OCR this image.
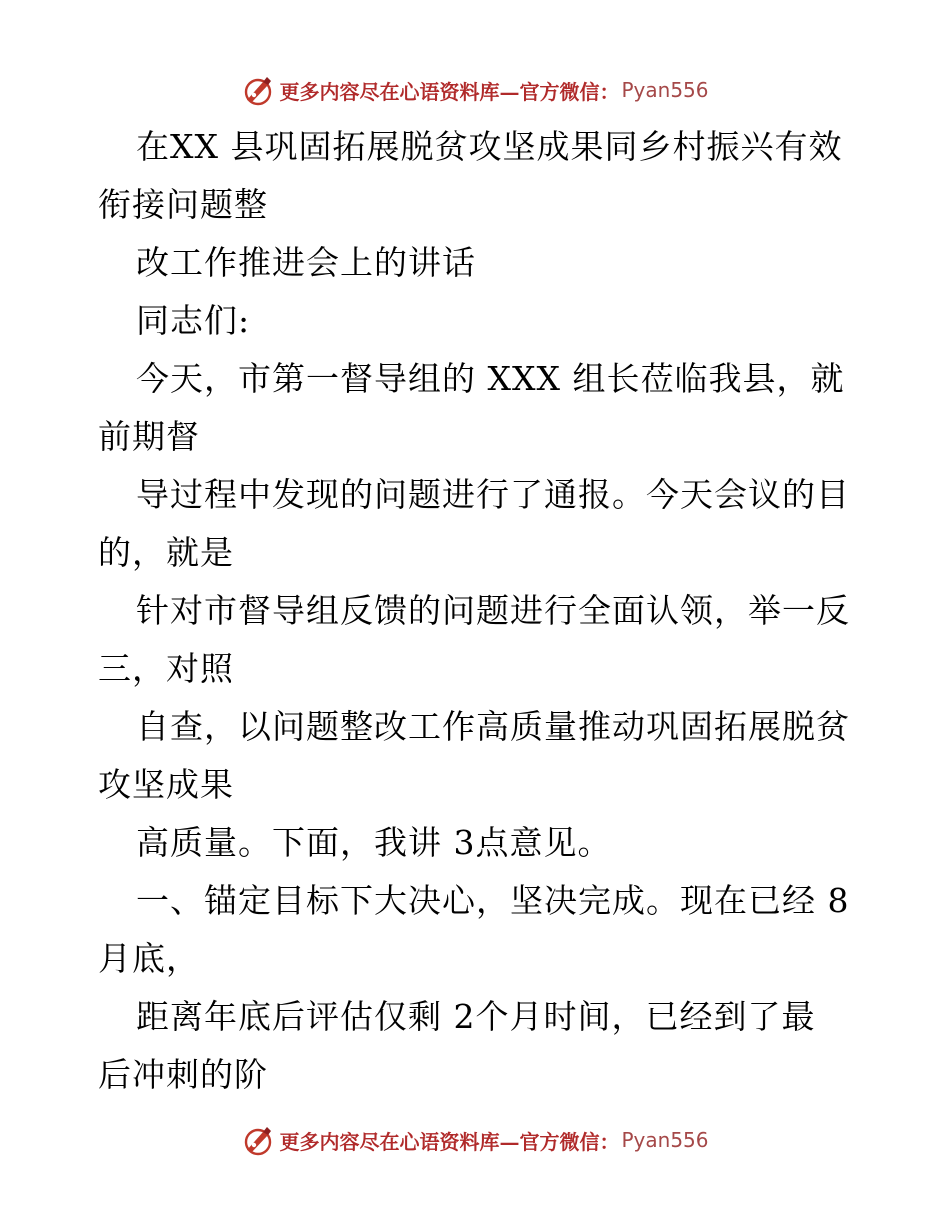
更多内容尽在心语资料库—官方微信： Pyan556
在XX 县巩固拓展脱贫攻坚成果同乡村振兴有效
衔接问题整
改工作推进会上的讲话
同志们:
今天，市第一督导组的 XXX 组长莅临我县，就
前期督
导过程中发现的问题进行了通报。今天会议的目
的，就是
针对市督导组反馈的问题进行全面认领，举一反
三，对照
自查，以问题整改工作高质量推动巩固拓展脱贫
攻坚成果
高质量。下面，我讲 3点意见。
一、锚定目标下大决心，坚决完成。现在已经 8
月底，
距离年底后评估仅剩 2个月时间，已经到了最
后冲刺的阶
更多内容尽在心语资料库—官方微信： Pyan556
